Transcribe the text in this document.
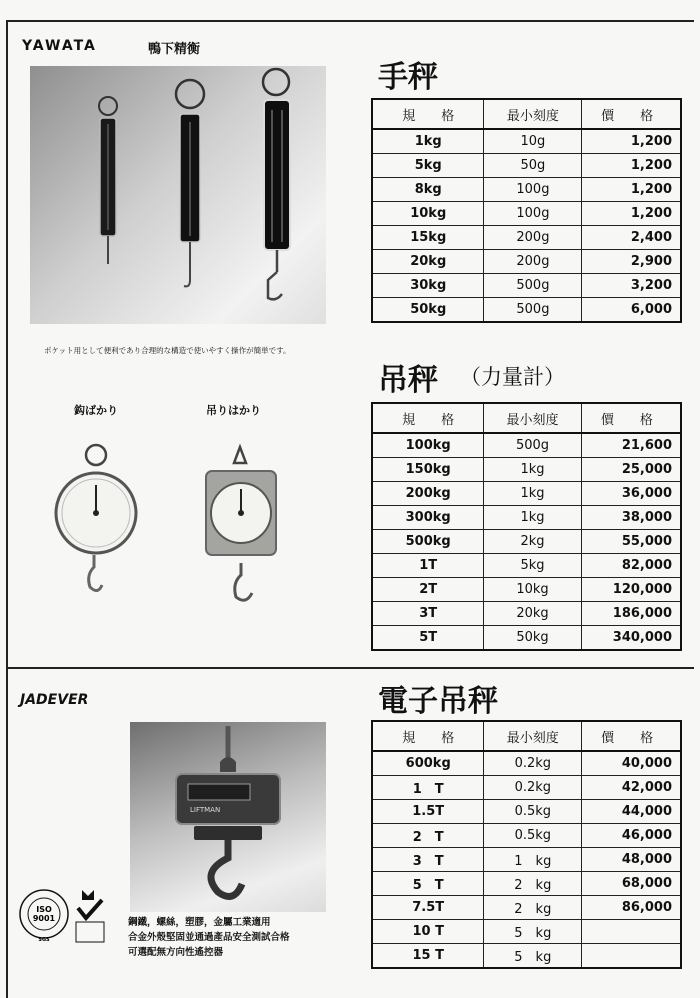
YAWATA	鴨下精衡
ポケット用として便利であり合理的な構造で使いやすく操作が簡単です。
手秤
規　　格	最小刻度	價　　格
1kg	10g	1,200
5kg	50g	1,200
8kg	100g	1,200
10kg	100g	1,200
15kg	200g	2,400
20kg	200g	2,900
30kg	500g	3,200
50kg	500g	6,000
鈎ばかり	吊りはかり
吊秤 （力量計）
規　　格	最小刻度	價　　格
100kg	500g	21,600
150kg	1kg	25,000
200kg	1kg	36,000
300kg	1kg	38,000
500kg	2kg	55,000
1T	5kg	82,000
2T	10kg	120,000
3T	20kg	186,000
5T	50kg	340,000
JADEVER
LIFTMAN
電子吊秤
規　　格	最小刻度	價　　格
600kg	0.2kg	40,000
1　T	0.2kg	42,000
1.5T	0.5kg	44,000
2　T	0.5kg	46,000
3　T	1　kg	48,000
5　T	2　kg	68,000
7.5T	2　kg	86,000
10 T	5　kg	
15 T	5　kg	
ISO
9001
SGS
鋼鐵，螺絲，塑膠，金屬工業適用
合金外殼堅固並通過產品安全測試合格
可選配無方向性遙控器
